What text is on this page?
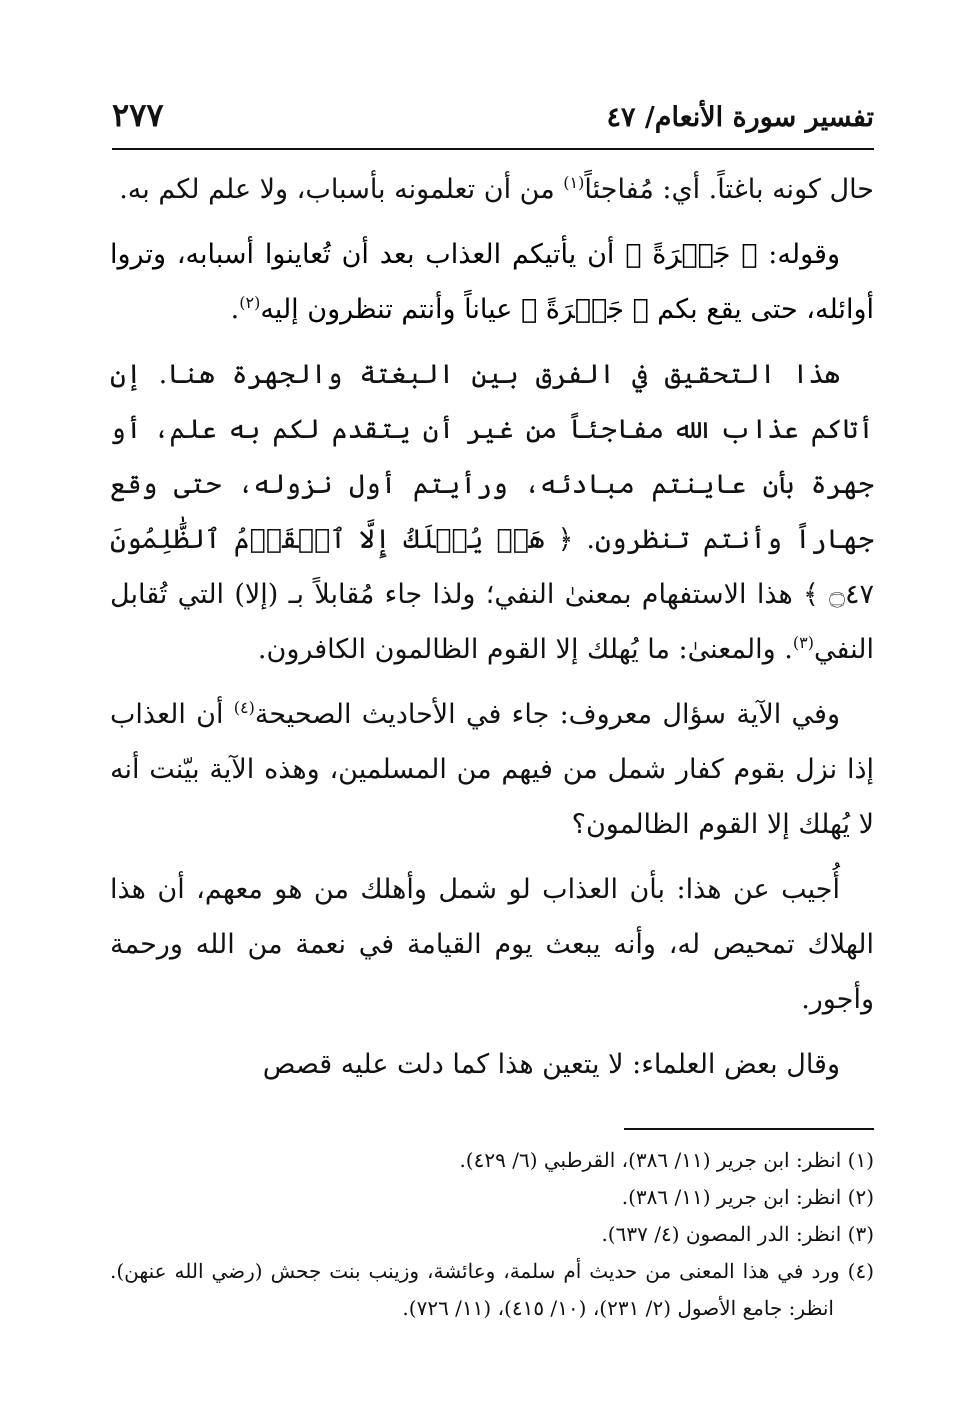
تفسير سورة الأنعام/ ٤٧
٢٧٧

حال كونه باغتاً. أي: مُفاجئاً$^{(١)}$ من أن تعلمونه بأسباب، ولا علم لكم به.

وقوله: ﴿ جَهۡرَةً ﴾ أن يأتيكم العذاب بعد أن تُعاينوا أسبابه، وتروا أوائله، حتى يقع بكم ﴿ جَهۡرَةً ﴾ عياناً وأنتم تنظرون إليه$^{(٢)}$.

هذا التحقيق في الفرق بين البغتة والجهرة هنا. إن أتاكم عذاب الله مفاجئاً من غير أن يتقدم لكم به علم، أو جهرة بأن عاينتم مبادئه، ورأيتم أول نزوله، حتى وقع جهاراً وأنتم تنظرون. ﴿ هَلۡ يُهۡلَكُ إِلَّا ٱلۡقَوۡمُ ٱلظَّٰلِمُونَ ۝٤٧ ﴾ هذا الاستفهام بمعنىٰ النفي؛ ولذا جاء مُقابلاً بـ (إلا) التي تُقابل النفي$^{(٣)}$. والمعنىٰ: ما يُهلك إلا القوم الظالمون الكافرون.

وفي الآية سؤال معروف: جاء في الأحاديث الصحيحة$^{(٤)}$ أن العذاب إذا نزل بقوم كفار شمل من فيهم من المسلمين، وهذه الآية بيّنت أنه لا يُهلك إلا القوم الظالمون؟

أُجيب عن هذا: بأن العذاب لو شمل وأهلك من هو معهم، أن هذا الهلاك تمحيص له، وأنه يبعث يوم القيامة في نعمة من الله ورحمة وأجور.

وقال بعض العلماء: لا يتعين هذا كما دلت عليه قصص

(١) انظر: ابن جرير (١١/ ٣٨٦)، القرطبي (٦/ ٤٢٩).

(٢) انظر: ابن جرير (١١/ ٣٨٦).

(٣) انظر: الدر المصون (٤/ ٦٣٧).

(٤) ورد في هذا المعنى من حديث أم سلمة، وعائشة، وزينب بنت جحش (رضي الله عنهن). انظر: جامع الأصول (٢/ ٢٣١)، (١٠/ ٤١٥)، (١١/ ٧٢٦).
